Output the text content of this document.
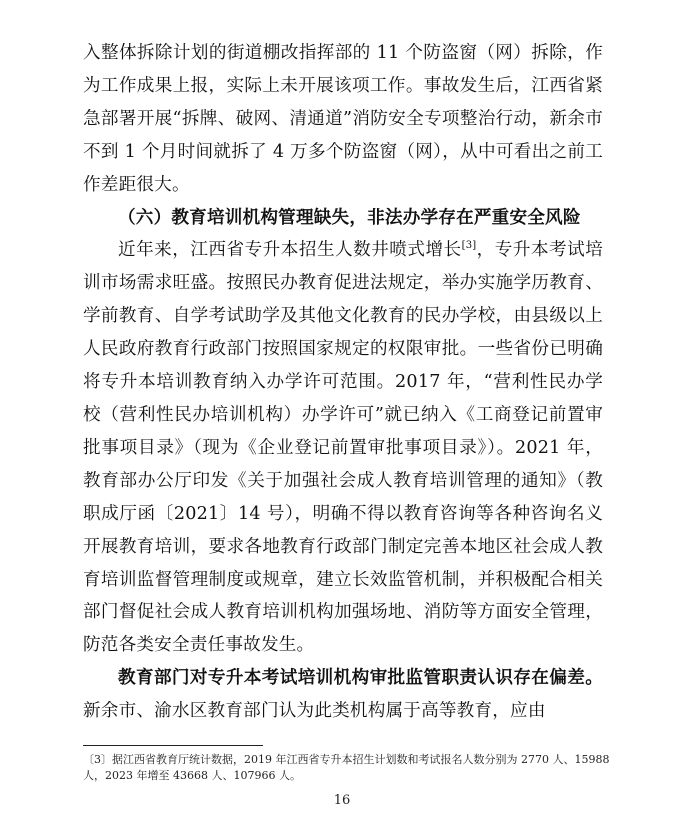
入整体拆除计划的街道棚改指挥部的 11 个防盗窗（网）拆除，作为工作成果上报，实际上未开展该项工作。事故发生后，江西省紧急部署开展“拆牌、破网、清通道”消防安全专项整治行动，新余市不到 1 个月时间就拆了 4 万多个防盗窗（网），从中可看出之前工作差距很大。

（六）教育培训机构管理缺失，非法办学存在严重安全风险

近年来，江西省专升本招生人数井喷式增长[3]，专升本考试培训市场需求旺盛。按照民办教育促进法规定，举办实施学历教育、学前教育、自学考试助学及其他文化教育的民办学校，由县级以上人民政府教育行政部门按照国家规定的权限审批。一些省份已明确将专升本培训教育纳入办学许可范围。2017 年，“营利性民办学校（营利性民办培训机构）办学许可”就已纳入《工商登记前置审批事项目录》（现为《企业登记前置审批事项目录》）。2021 年，教育部办公厅印发《关于加强社会成人教育培训管理的通知》（教职成厅函〔2021〕14 号），明确不得以教育咨询等各种咨询名义开展教育培训，要求各地教育行政部门制定完善本地区社会成人教育培训监督管理制度或规章，建立长效监管机制，并积极配合相关部门督促社会成人教育培训机构加强场地、消防等方面安全管理，防范各类安全责任事故发生。

教育部门对专升本考试培训机构审批监管职责认识存在偏差。新余市、渝水区教育部门认为此类机构属于高等教育，应由

〔3〕据江西省教育厅统计数据，2019 年江西省专升本招生计划数和考试报名人数分别为 2770 人、15988 人，2023 年增至 43668 人、107966 人。
16
